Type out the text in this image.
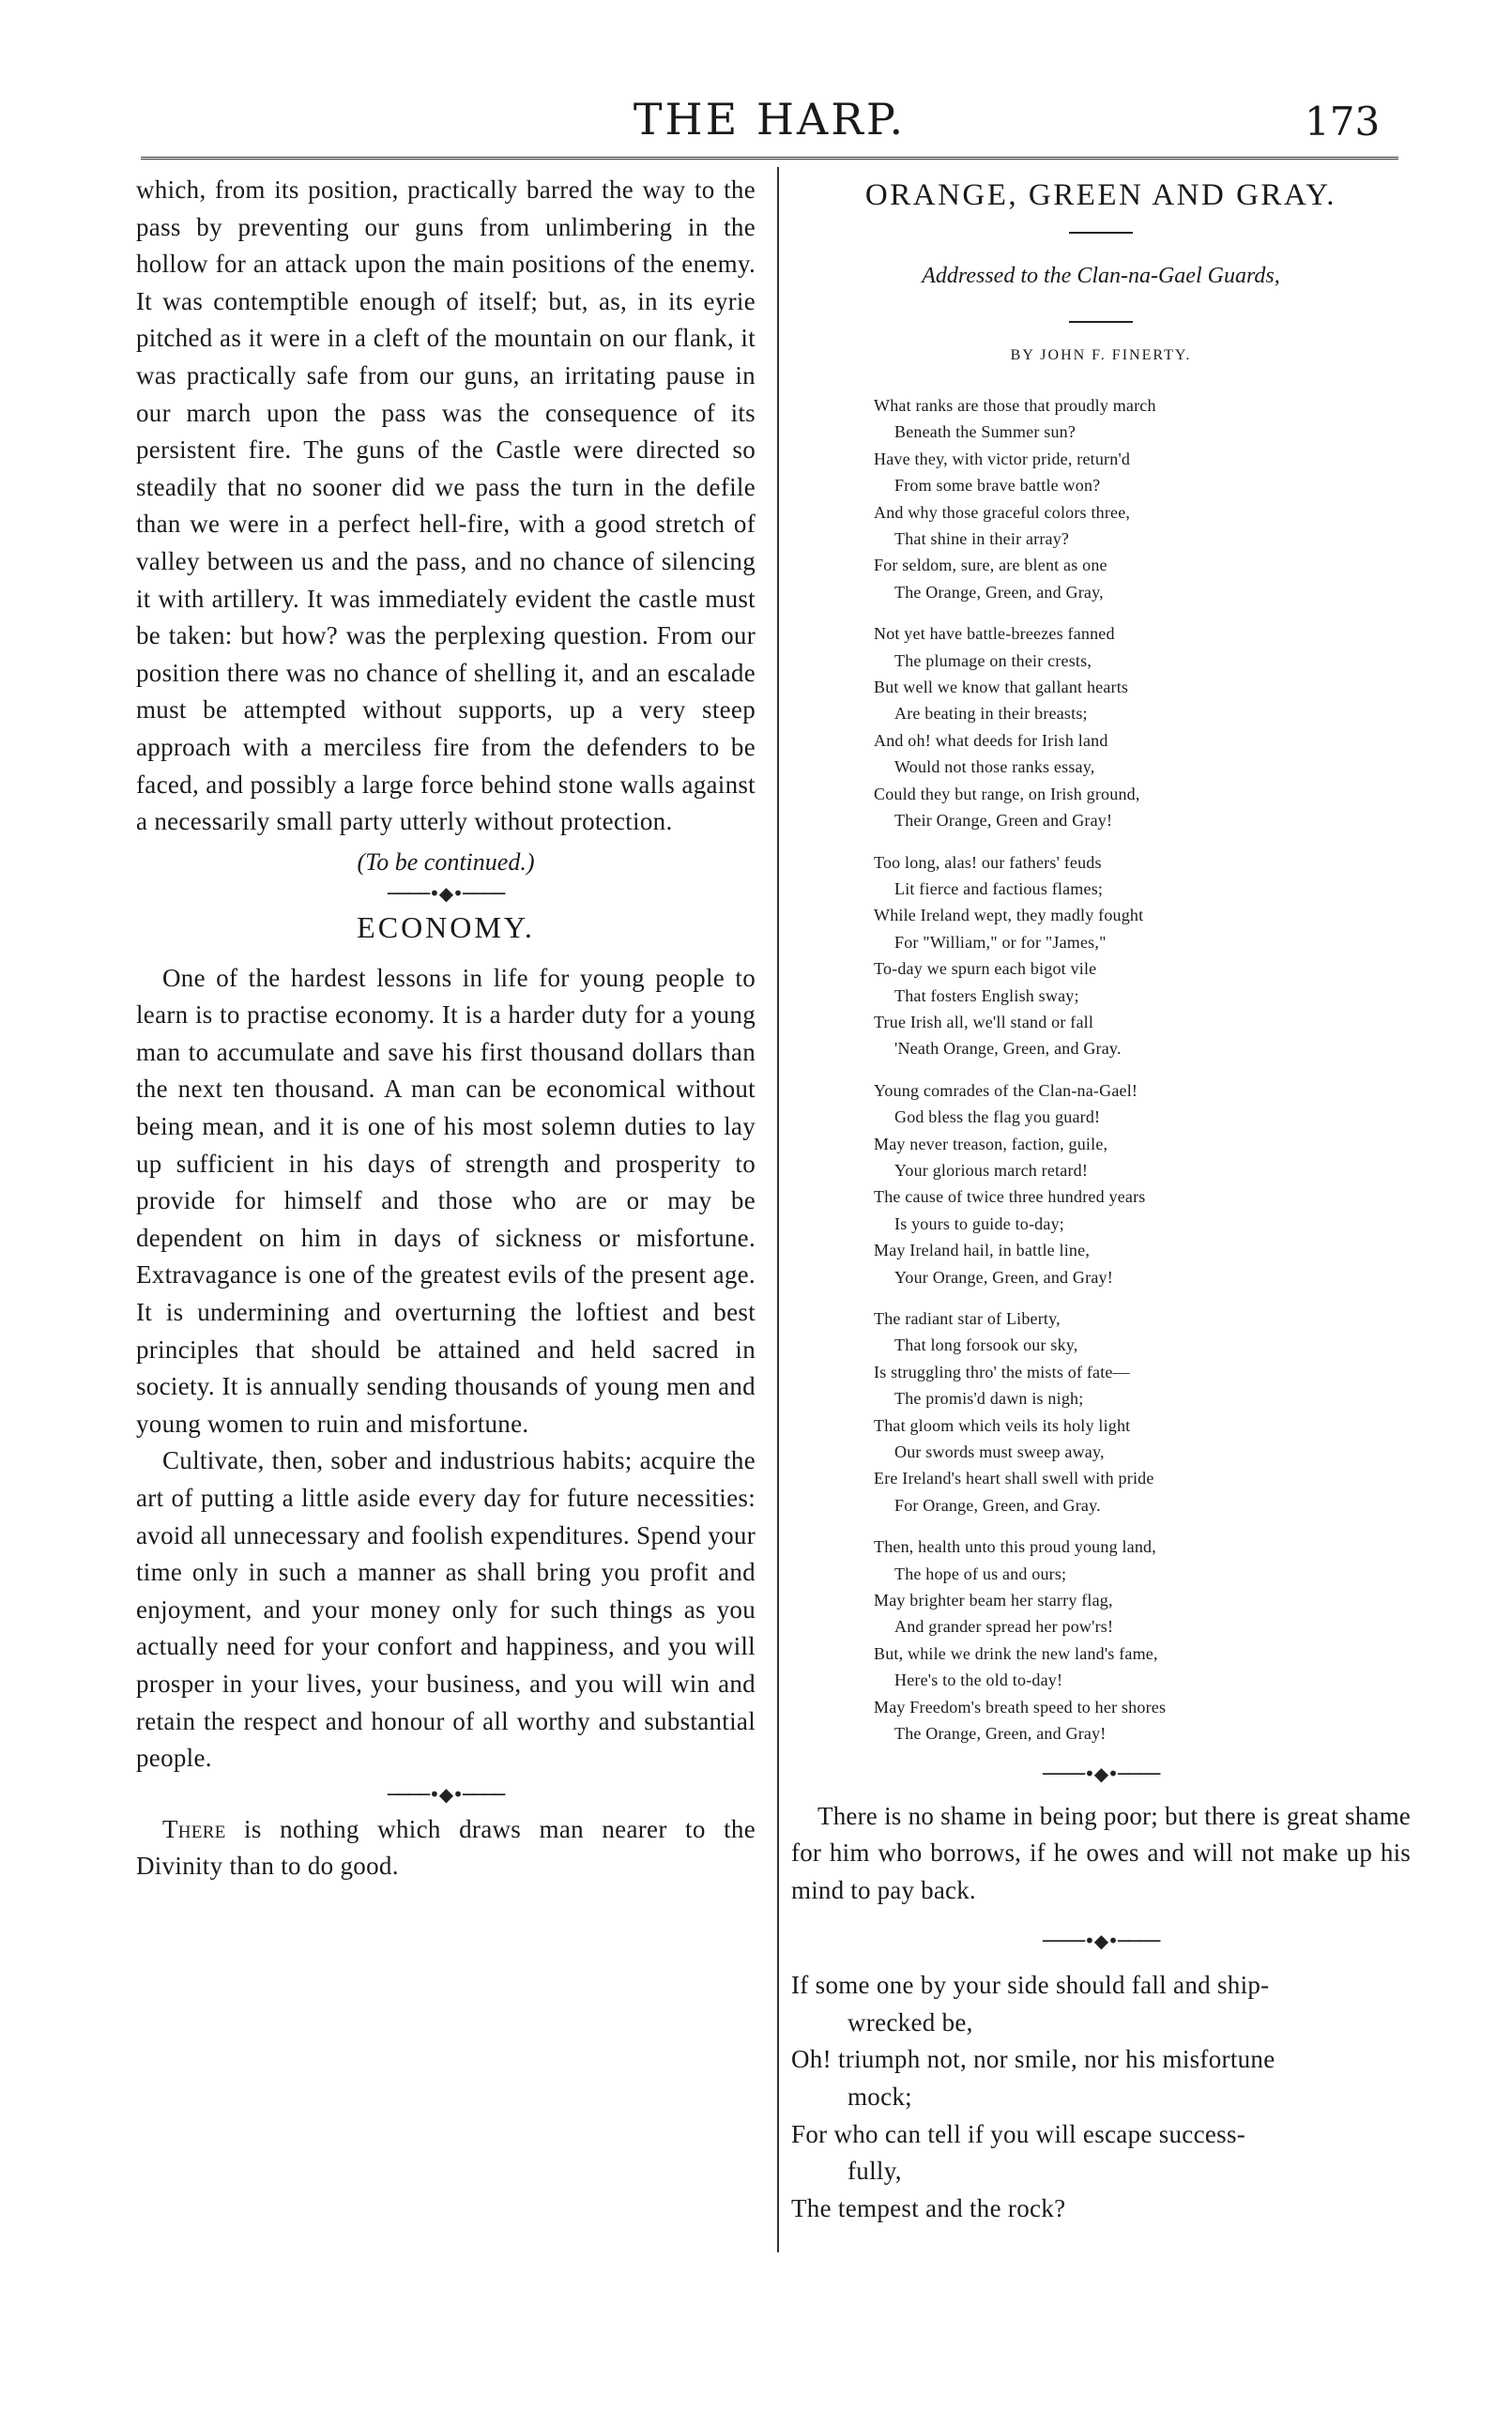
THE HARP.	173

which, from its position, practically barred the way to the pass by preventing our guns from unlimbering in the hollow for an attack upon the main positions of the enemy. It was contemptible enough of itself; but, as, in its eyrie pitched as it were in a cleft of the mountain on our flank, it was practically safe from our guns, an irritating pause in our march upon the pass was the consequence of its persistent fire. The guns of the Castle were directed so steadily that no sooner did we pass the turn in the defile than we were in a perfect hell-fire, with a good stretch of valley between us and the pass, and no chance of silencing it with artillery. It was immediately evident the castle must be taken: but how? was the perplexing question. From our position there was no chance of shelling it, and an escalade must be attempted without supports, up a very steep approach with a merciless fire from the defenders to be faced, and possibly a large force behind stone walls against a necessarily small party utterly without protection.

(To be continued.)

────•◆•────
ECONOMY.

One of the hardest lessons in life for young people to learn is to practise economy. It is a harder duty for a young man to accumulate and save his first thousand dollars than the next ten thousand. A man can be economical without being mean, and it is one of his most solemn duties to lay up sufficient in his days of strength and prosperity to provide for himself and those who are or may be dependent on him in days of sickness or misfortune. Extravagance is one of the greatest evils of the present age. It is undermining and overturning the loftiest and best principles that should be attained and held sacred in society. It is annually sending thousands of young men and young women to ruin and misfortune.

Cultivate, then, sober and industrious habits; acquire the art of putting a little aside every day for future necessities: avoid all unnecessary and foolish expenditures. Spend your time only in such a manner as shall bring you profit and enjoyment, and your money only for such things as you actually need for your confort and happiness, and you will prosper in your lives, your business, and you will win and retain the respect and honour of all worthy and substantial people.

────•◆•────

There is nothing which draws man nearer to the Divinity than to do good.

ORANGE, GREEN AND GRAY.
Addressed to the Clan-na-Gael Guards,
BY JOHN F. FINERTY.
What ranks are those that proudly march
Beneath the Summer sun?
Have they, with victor pride, return'd
From some brave battle won?
And why those graceful colors three,
That shine in their array?
For seldom, sure, are blent as one
The Orange, Green, and Gray,
Not yet have battle-breezes fanned
The plumage on their crests,
But well we know that gallant hearts
Are beating in their breasts;
And oh! what deeds for Irish land
Would not those ranks essay,
Could they but range, on Irish ground,
Their Orange, Green and Gray!
Too long, alas! our fathers' feuds
Lit fierce and factious flames;
While Ireland wept, they madly fought
For "William," or for "James,"
To-day we spurn each bigot vile
That fosters English sway;
True Irish all, we'll stand or fall
'Neath Orange, Green, and Gray.
Young comrades of the Clan-na-Gael!
God bless the flag you guard!
May never treason, faction, guile,
Your glorious march retard!
The cause of twice three hundred years
Is yours to guide to-day;
May Ireland hail, in battle line,
Your Orange, Green, and Gray!
The radiant star of Liberty,
That long forsook our sky,
Is struggling thro' the mists of fate—
The promis'd dawn is nigh;
That gloom which veils its holy light
Our swords must sweep away,
Ere Ireland's heart shall swell with pride
For Orange, Green, and Gray.
Then, health unto this proud young land,
The hope of us and ours;
May brighter beam her starry flag,
And grander spread her pow'rs!
But, while we drink the new land's fame,
Here's to the old to-day!
May Freedom's breath speed to her shores
The Orange, Green, and Gray!
────•◆•────

There is no shame in being poor; but there is great shame for him who borrows, if he owes and will not make up his mind to pay back.

────•◆•────
If some one by your side should fall and ship-
wrecked be,
Oh! triumph not, nor smile, nor his misfortune
mock;
For who can tell if you will escape success-
fully,
The tempest and the rock?
